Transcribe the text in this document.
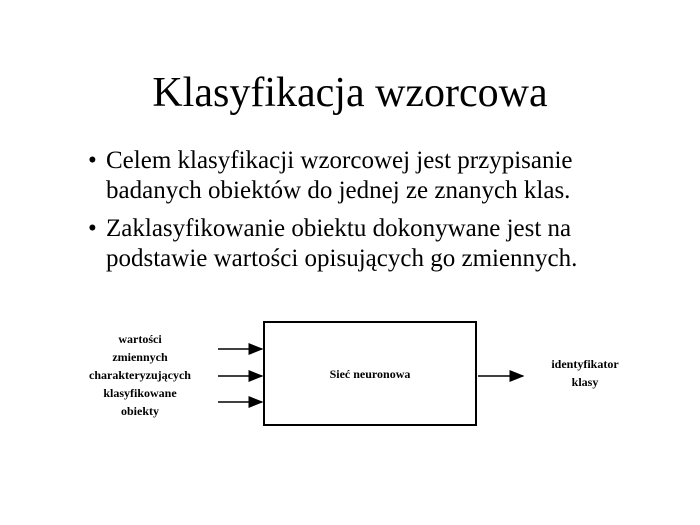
Klasyfikacja wzorcowa
• Celem klasyfikacji wzorcowej jest przypisanie
badanych obiektów do jednej ze znanych klas.
• Zaklasyfikowanie obiektu dokonywane jest na
podstawie wartości opisujących go zmiennych.
wartości
zmiennych
charakteryzujących
klasyfikowane
obiekty
Sieć neuronowa
identyfikator
klasy
